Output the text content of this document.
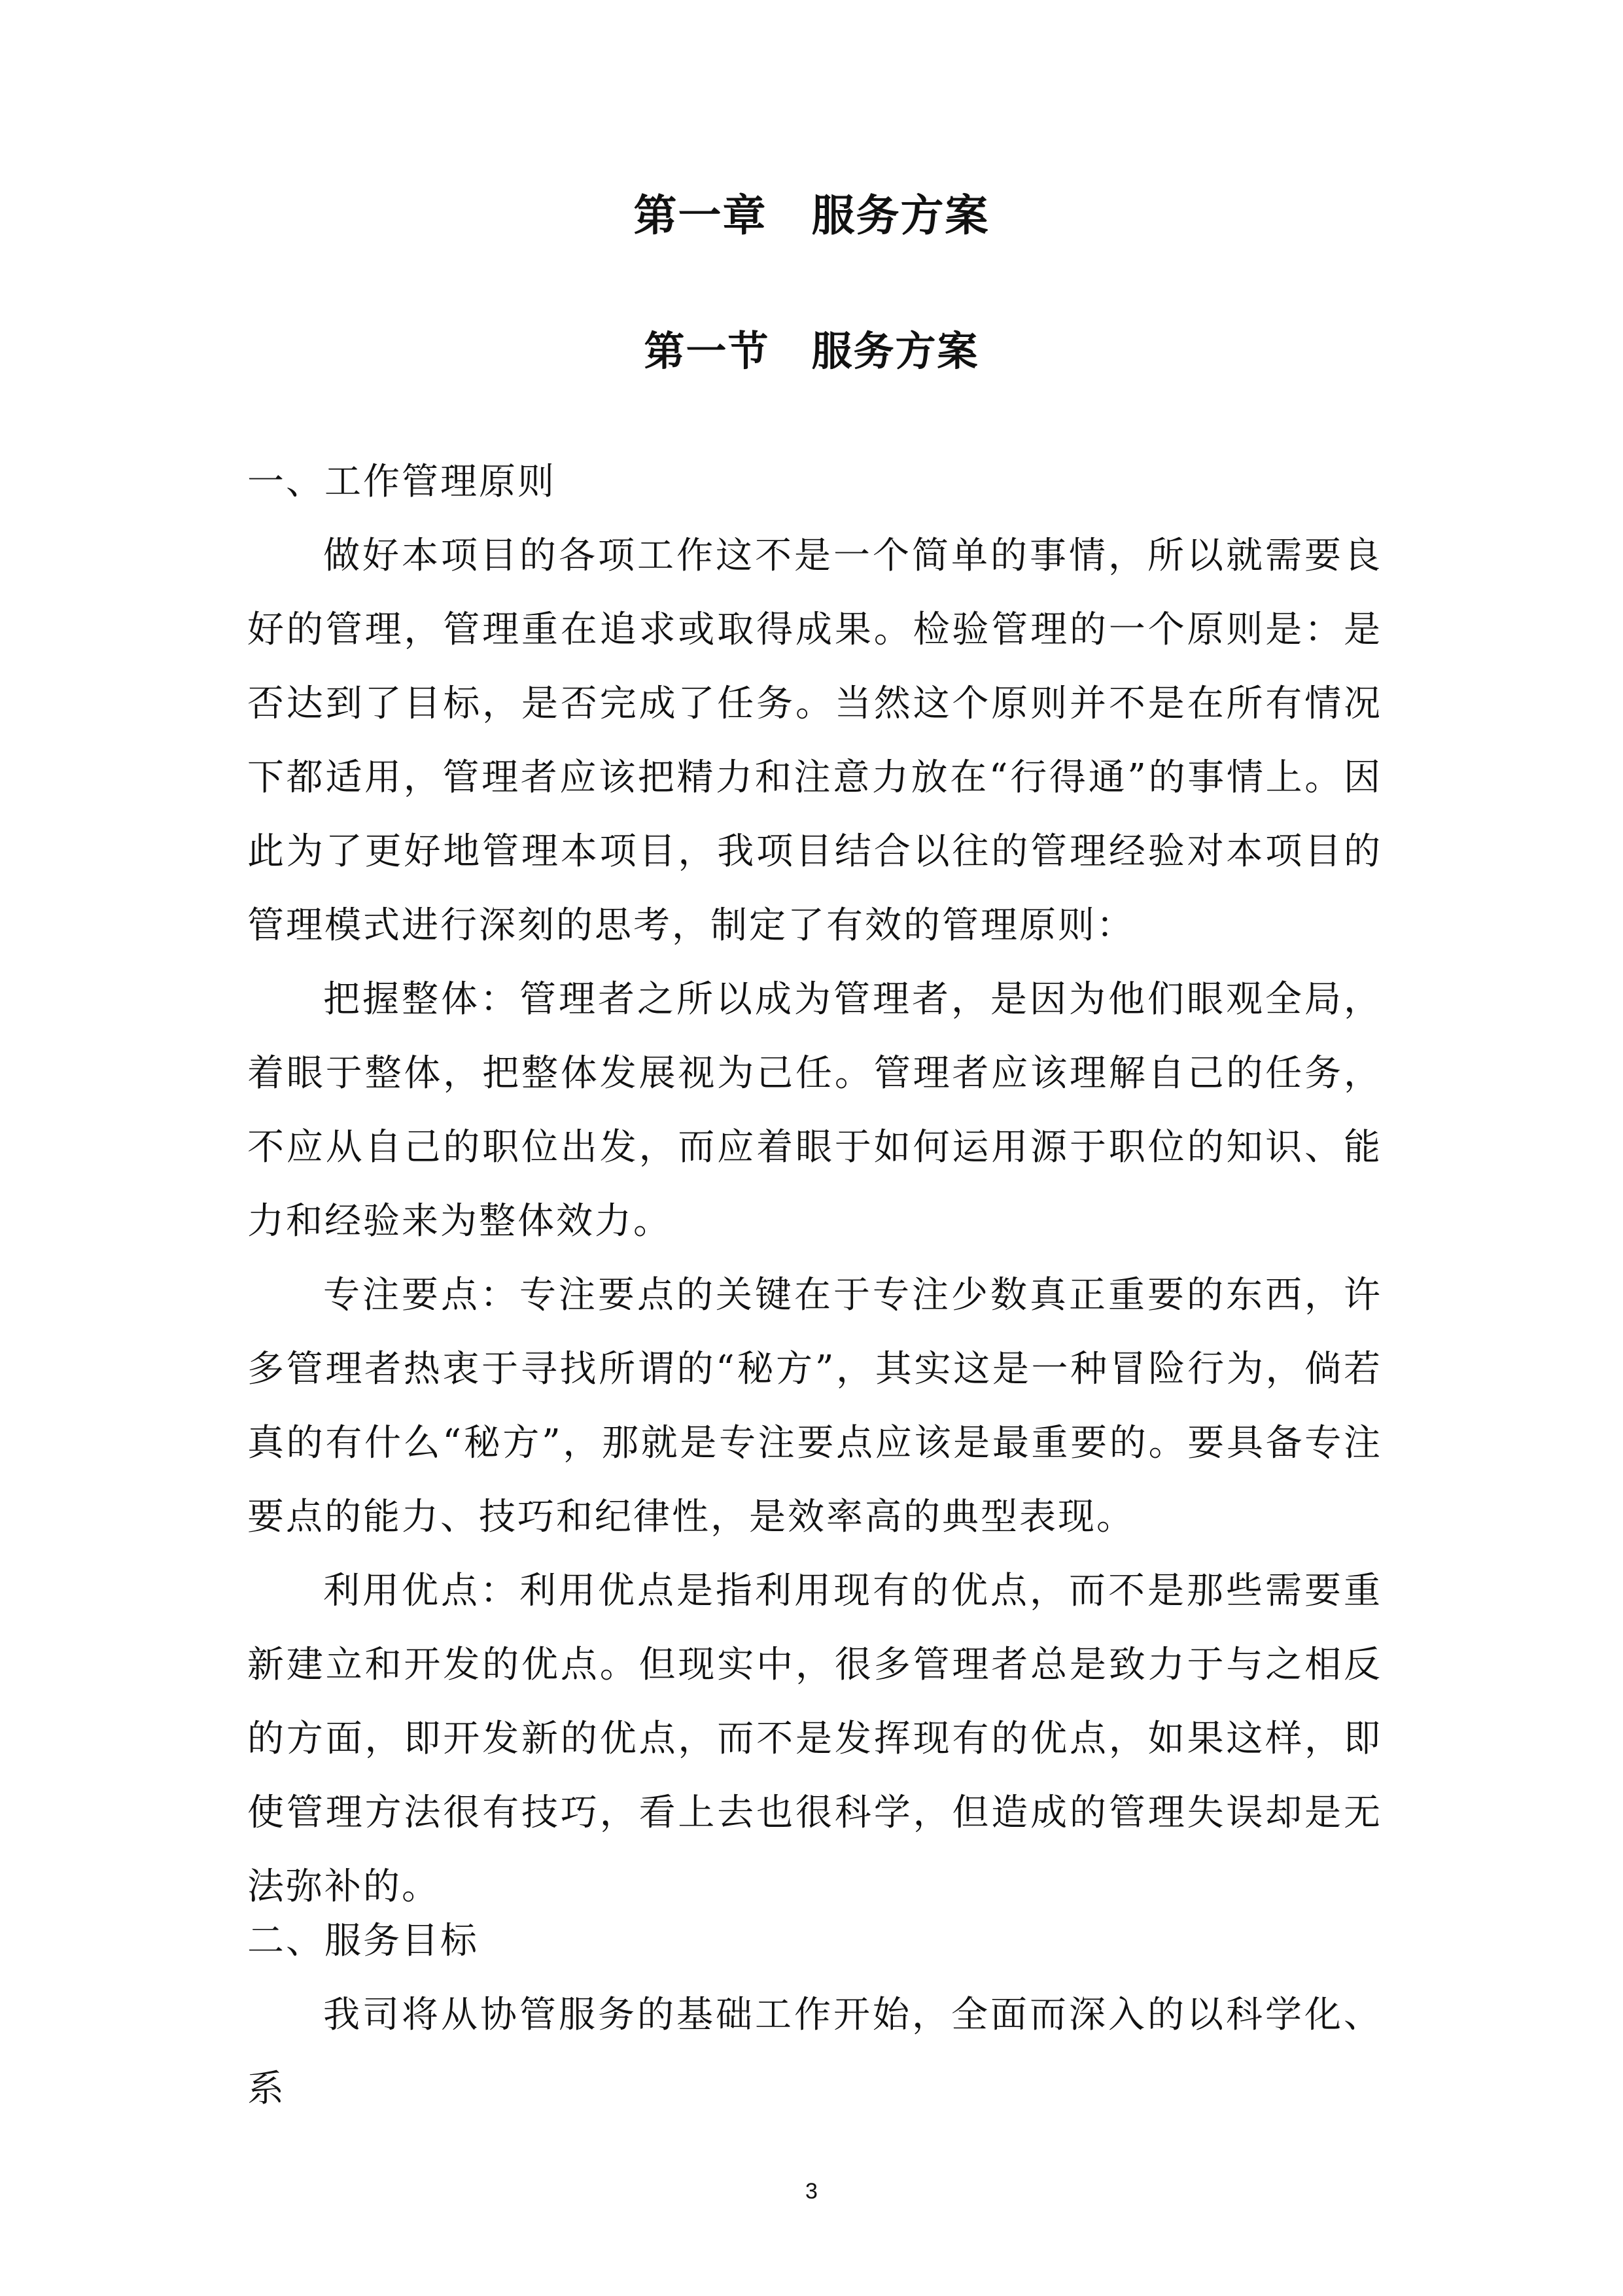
第一章　服务方案
第一节　服务方案

一、工作管理原则

做好本项目的各项工作这不是一个简单的事情，所以就需要良好的管理，管理重在追求或取得成果。检验管理的一个原则是：是否达到了目标，是否完成了任务。当然这个原则并不是在所有情况下都适用，管理者应该把精力和注意力放在“行得通”的事情上。因此为了更好地管理本项目，我项目结合以往的管理经验对本项目的管理模式进行深刻的思考，制定了有效的管理原则：

把握整体：管理者之所以成为管理者，是因为他们眼观全局，着眼于整体，把整体发展视为己任。管理者应该理解自己的任务，不应从自己的职位出发，而应着眼于如何运用源于职位的知识、能力和经验来为整体效力。

专注要点：专注要点的关键在于专注少数真正重要的东西，许多管理者热衷于寻找所谓的“秘方”，其实这是一种冒险行为，倘若真的有什么“秘方”，那就是专注要点应该是最重要的。要具备专注要点的能力、技巧和纪律性，是效率高的典型表现。

利用优点：利用优点是指利用现有的优点，而不是那些需要重新建立和开发的优点。但现实中，很多管理者总是致力于与之相反的方面，即开发新的优点，而不是发挥现有的优点，如果这样，即使管理方法很有技巧，看上去也很科学，但造成的管理失误却是无法弥补的。

二、服务目标

我司将从协管服务的基础工作开始，全面而深入的以科学化、系

3
